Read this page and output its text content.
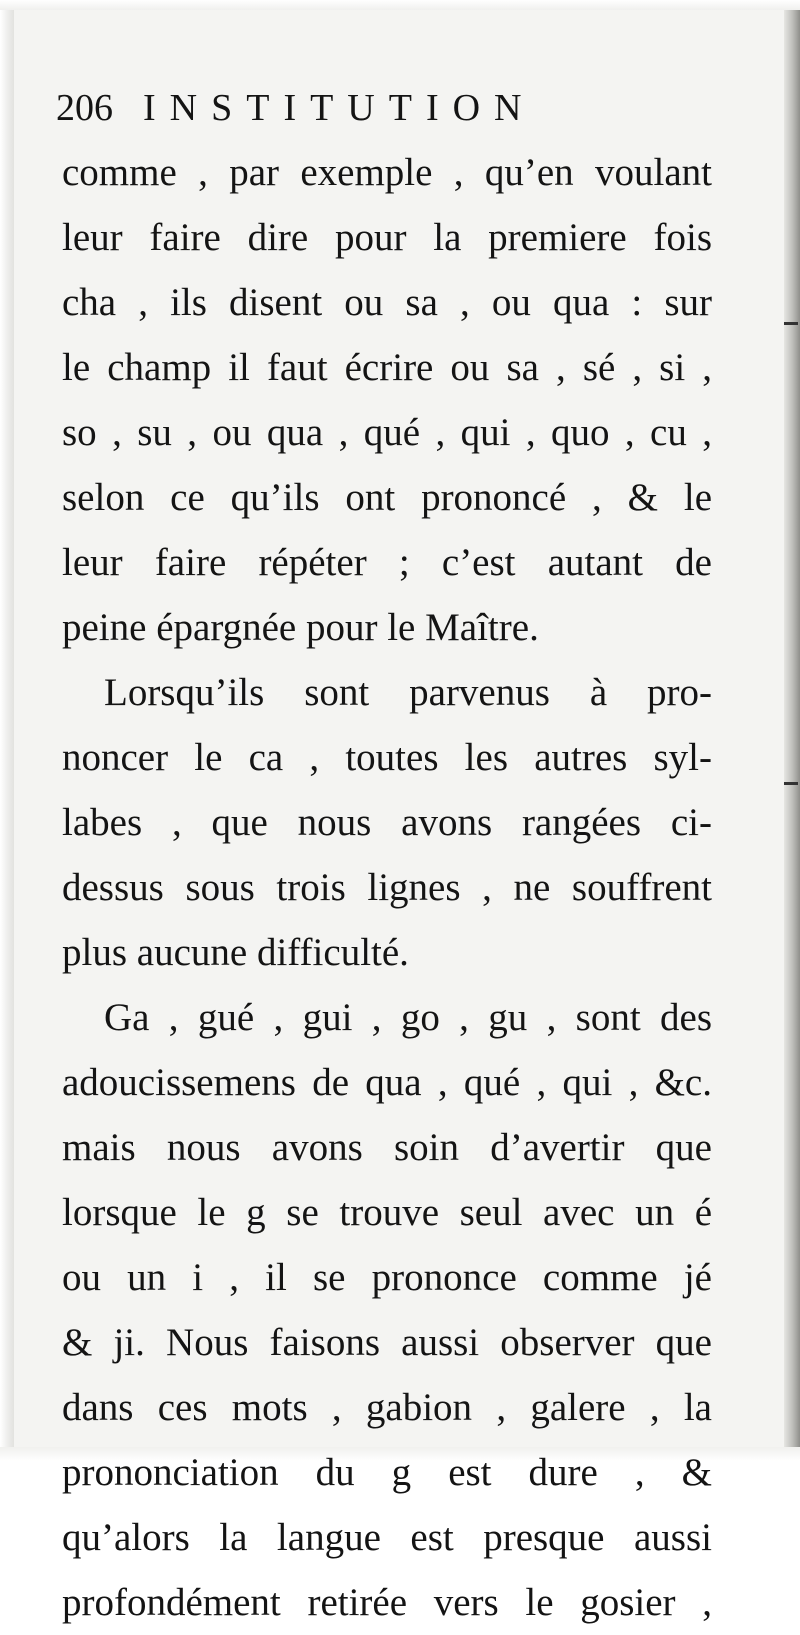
206 INSTITUTION
comme , par exemple , qu’en voulant
leur faire dire pour la premiere fois
cha , ils disent ou sa , ou qua : sur
le champ il faut écrire ou sa , sé , si ,
so , su , ou qua , qué , qui , quo , cu ,
selon ce qu’ils ont prononcé , & le
leur faire répéter ; c’est autant de
peine épargnée pour le Maître.
Lorsqu’ils sont parvenus à pro-
noncer le ca , toutes les autres syl-
labes , que nous avons rangées ci-
dessus sous trois lignes , ne souffrent
plus aucune difficulté.
Ga , gué , gui , go , gu , sont des
adoucissemens de qua , qué , qui , &c.
mais nous avons soin d’avertir que
lorsque le g se trouve seul avec un é
ou un i , il se prononce comme jé
& ji. Nous faisons aussi observer que
dans ces mots , gabion , galere , la
prononciation du g est dure , &
qu’alors la langue est presque aussi
profondément retirée vers le gosier ,
